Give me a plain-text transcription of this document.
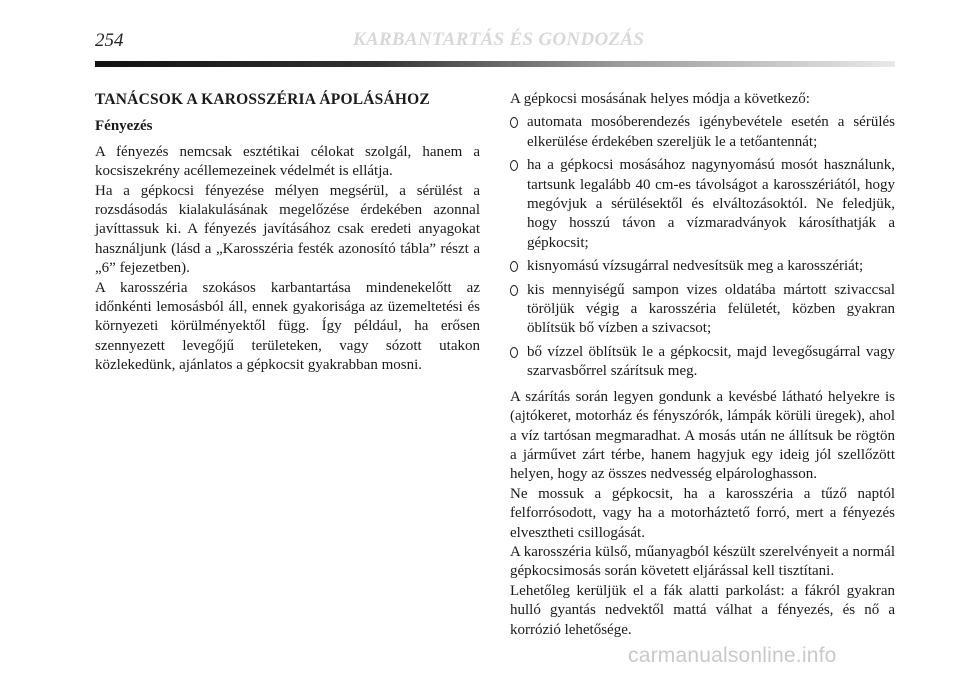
254	KARBANTARTÁS ÉS GONDOZÁS
TANÁCSOK A KAROSSZÉRIA ÁPOLÁSÁHOZ
Fényezés

A fényezés nemcsak esztétikai célokat szolgál, hanem a kocsiszekrény acéllemezeinek védelmét is ellátja.

Ha a gépkocsi fényezése mélyen megsérül, a sérülést a rozsdásodás kialakulásának megelőzése érdekében azonnal javíttassuk ki. A fényezés javításához csak eredeti anyagokat használjunk (lásd a „Karosszéria festék azonosító tábla” részt a „6” fejezetben).

A karosszéria szokásos karbantartása mindenekelőtt az időnkénti lemosásból áll, ennek gyakorisága az üzemeltetési és környezeti körülményektől függ. Így például, ha erősen szennyezett levegőjű területeken, vagy sózott utakon közlekedünk, ajánlatos a gépkocsit gyakrabban mosni.

A gépkocsi mosásának helyes módja a következő:

automata mosóberendezés igénybevétele esetén a sérülés elkerülése érdekében szereljük le a tetőantennát;
ha a gépkocsi mosásához nagynyomású mosót használunk, tartsunk legalább 40 cm-es távolságot a karosszériától, hogy megóvjuk a sérülésektől és elváltozásoktól. Ne feledjük, hogy hosszú távon a vízmaradványok károsíthatják a gépkocsit;
kisnyomású vízsugárral nedvesítsük meg a karosszériát;
kis mennyiségű sampon vizes oldatába mártott szivaccsal töröljük végig a karosszéria felületét, közben gyakran öblítsük bő vízben a szivacsot;
bő vízzel öblítsük le a gépkocsit, majd levegősugárral vagy szarvasbőrrel szárítsuk meg.

A szárítás során legyen gondunk a kevésbé látható helyekre is (ajtókeret, motorház és fényszórók, lámpák körüli üregek), ahol a víz tartósan megmaradhat. A mosás után ne állítsuk be rögtön a járművet zárt térbe, hanem hagyjuk egy ideig jól szellőzött helyen, hogy az összes nedvesség elpárologhasson.

Ne mossuk a gépkocsit, ha a karosszéria a tűző naptól felforrósodott, vagy ha a motorháztető forró, mert a fényezés elvesztheti csillogását.

A karosszéria külső, műanyagból készült szerelvényeit a normál gépkocsimosás során követett eljárással kell tisztítani.

Lehetőleg kerüljük el a fák alatti parkolást: a fákról gyakran hulló gyantás nedvektől mattá válhat a fényezés, és nő a korrózió lehetősége.

carmanualsonline.info
